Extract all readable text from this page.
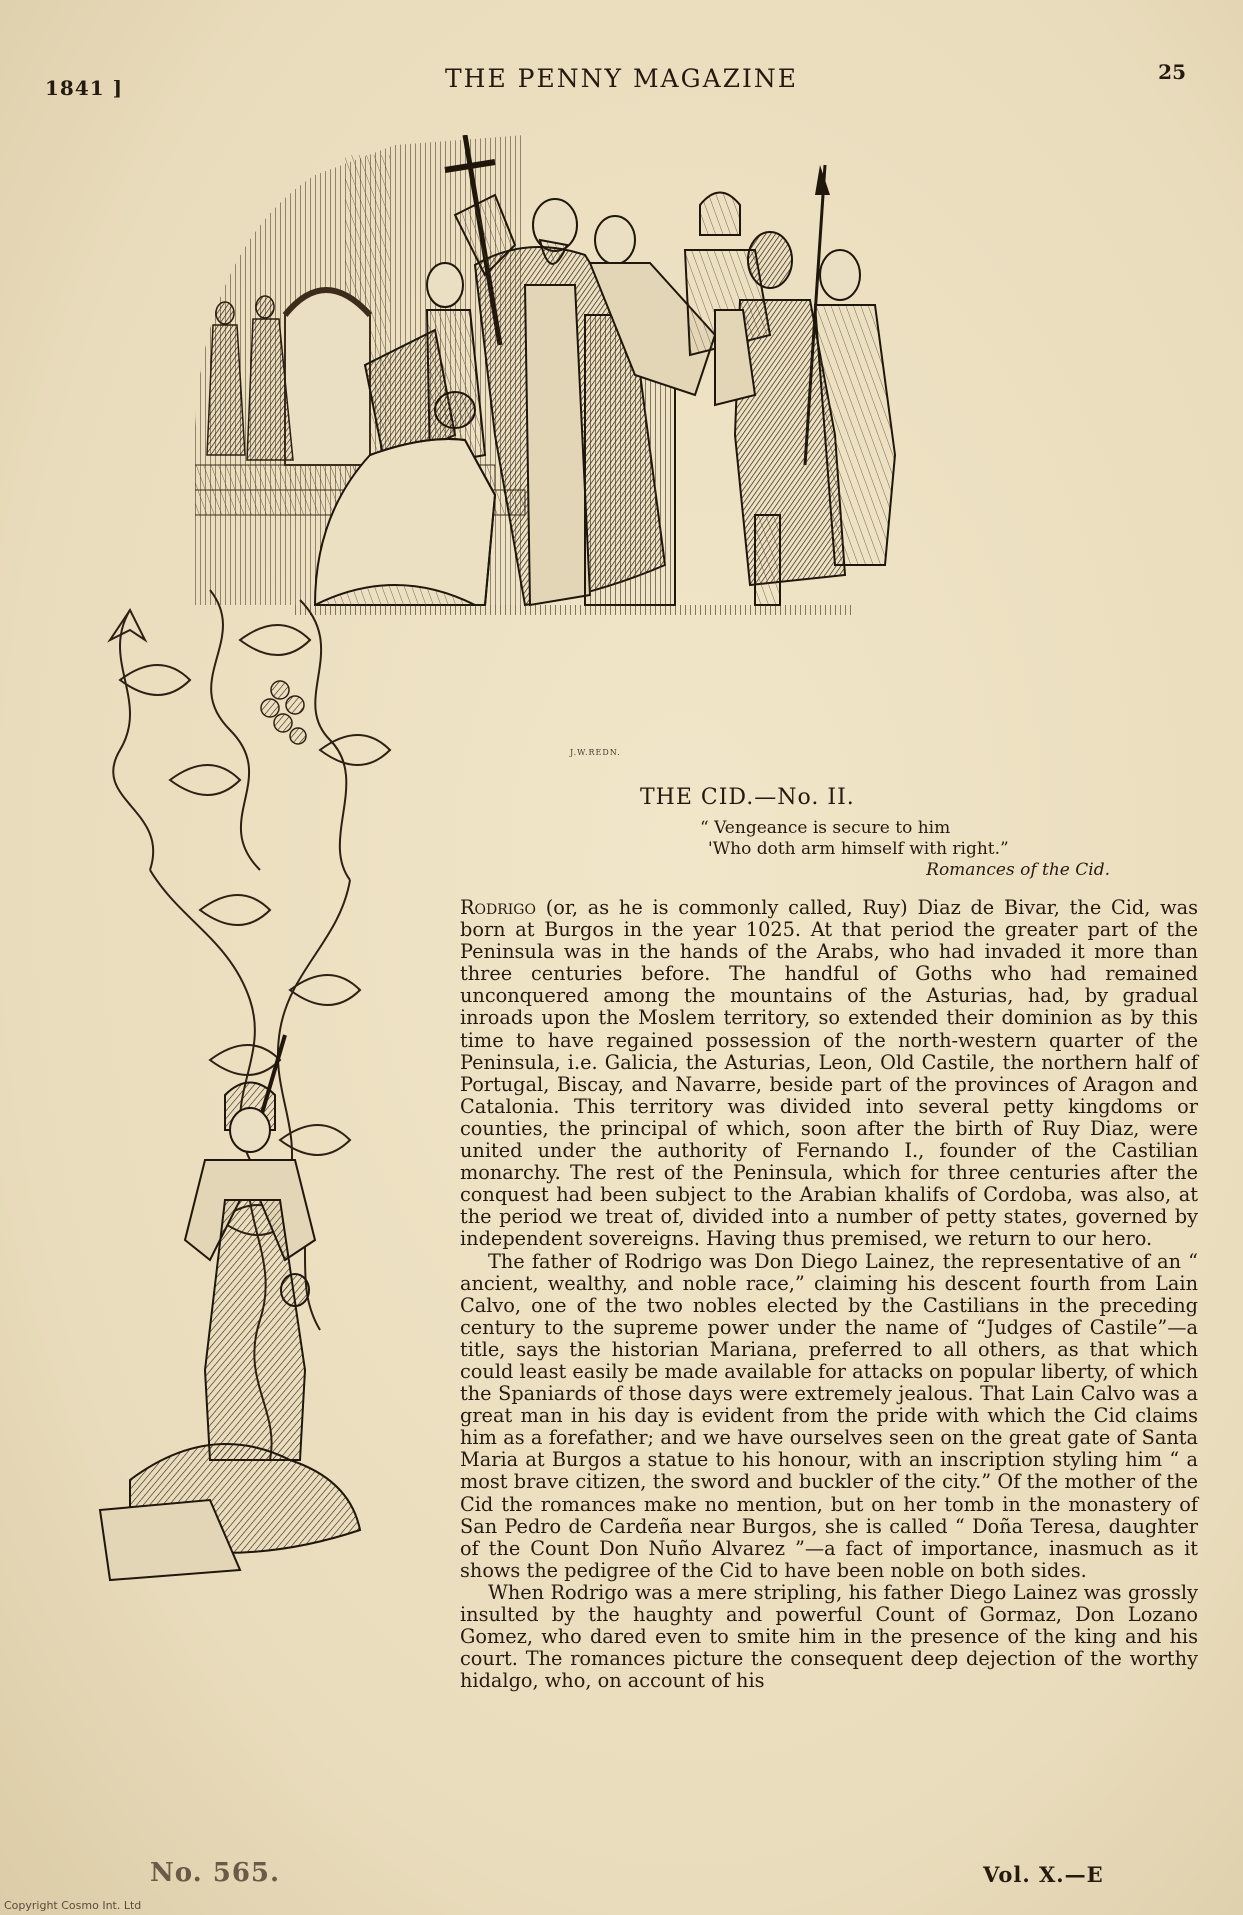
1841 ]	THE PENNY MAGAZINE	25
J.W.REDN.
THE CID.—No. II.
“ Vengeance is secure to him
'Who doth arm himself with right.”
Romances of the Cid.

Rodrigo (or, as he is commonly called, Ruy) Diaz de Bivar, the Cid, was born at Burgos in the year 1025. At that period the greater part of the Peninsula was in the hands of the Arabs, who had invaded it more than three centuries before. The handful of Goths who had remained unconquered among the mountains of the Asturias, had, by gradual inroads upon the Moslem territory, so extended their dominion as by this time to have regained possession of the north-western quarter of the Peninsula, i.e. Galicia, the Asturias, Leon, Old Castile, the northern half of Portugal, Biscay, and Navarre, beside part of the provinces of Aragon and Catalonia. This territory was divided into several petty kingdoms or counties, the principal of which, soon after the birth of Ruy Diaz, were united under the authority of Fernando I., founder of the Castilian monarchy. The rest of the Peninsula, which for three centuries after the conquest had been subject to the Arabian khalifs of Cordoba, was also, at the period we treat of, divided into a number of petty states, governed by independent sovereigns. Having thus premised, we return to our hero.

The father of Rodrigo was Don Diego Lainez, the representative of an “ ancient, wealthy, and noble race,” claiming his descent fourth from Lain Calvo, one of the two nobles elected by the Castilians in the preceding century to the supreme power under the name of “Judges of Castile”—a title, says the historian Mariana, preferred to all others, as that which could least easily be made available for attacks on popular liberty, of which the Spaniards of those days were extremely jealous. That Lain Calvo was a great man in his day is evident from the pride with which the Cid claims him as a forefather; and we have ourselves seen on the great gate of Santa Maria at Burgos a statue to his honour, with an inscription styling him “ a most brave citizen, the sword and buckler of the city.” Of the mother of the Cid the romances make no mention, but on her tomb in the monastery of San Pedro de Cardeña near Burgos, she is called “ Doña Teresa, daughter of the Count Don Nuño Alvarez ”—a fact of importance, inasmuch as it shows the pedigree of the Cid to have been noble on both sides.

When Rodrigo was a mere stripling, his father Diego Lainez was grossly insulted by the haughty and powerful Count of Gormaz, Don Lozano Gomez, who dared even to smite him in the presence of the king and his court. The romances picture the consequent deep dejection of the worthy hidalgo, who, on account of his

No. 565.	Vol. X.—E
Copyright Cosmo Int. Ltd
